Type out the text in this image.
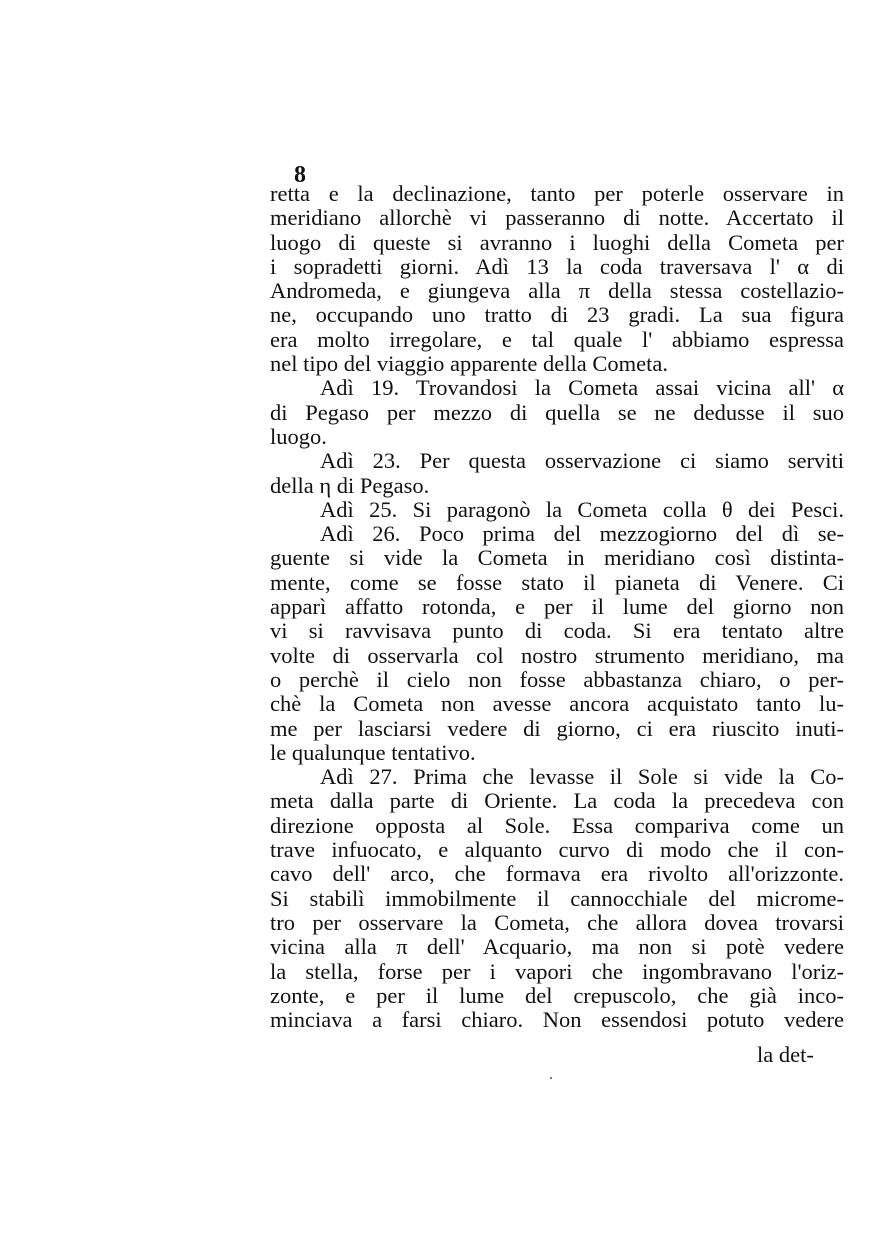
8
retta e la declinazione, tanto per poterle osservare in
meridiano allorchè vi passeranno di notte. Accertato il
luogo di queste si avranno i luoghi della Cometa per
i sopradetti giorni. Adì 13 la coda traversava l' α di
Andromeda, e giungeva alla π della stessa costellazio-
ne, occupando uno tratto di 23 gradi. La sua figura
era molto irregolare, e tal quale l' abbiamo espressa
nel tipo del viaggio apparente della Cometa.
Adì 19. Trovandosi la Cometa assai vicina all' α
di Pegaso per mezzo di quella se ne dedusse il suo
luogo.
Adì 23. Per questa osservazione ci siamo serviti
della η di Pegaso.
Adì 25. Si paragonò la Cometa colla θ dei Pesci.
Adì 26. Poco prima del mezzogiorno del dì se-
guente si vide la Cometa in meridiano così distinta-
mente, come se fosse stato il pianeta di Venere. Ci
apparì affatto rotonda, e per il lume del giorno non
vi si ravvisava punto di coda. Si era tentato altre
volte di osservarla col nostro strumento meridiano, ma
o perchè il cielo non fosse abbastanza chiaro, o per-
chè la Cometa non avesse ancora acquistato tanto lu-
me per lasciarsi vedere di giorno, ci era riuscito inuti-
le qualunque tentativo.
Adì 27. Prima che levasse il Sole si vide la Co-
meta dalla parte di Oriente. La coda la precedeva con
direzione opposta al Sole. Essa compariva come un
trave infuocato, e alquanto curvo di modo che il con-
cavo dell' arco, che formava era rivolto all'orizzonte.
Si stabilì immobilmente il cannocchiale del microme-
tro per osservare la Cometa, che allora dovea trovarsi
vicina alla π dell' Acquario, ma non si potè vedere
la stella, forse per i vapori che ingombravano l'oriz-
zonte, e per il lume del crepuscolo, che già inco-
minciava a farsi chiaro. Non essendosi potuto vedere
la det-
